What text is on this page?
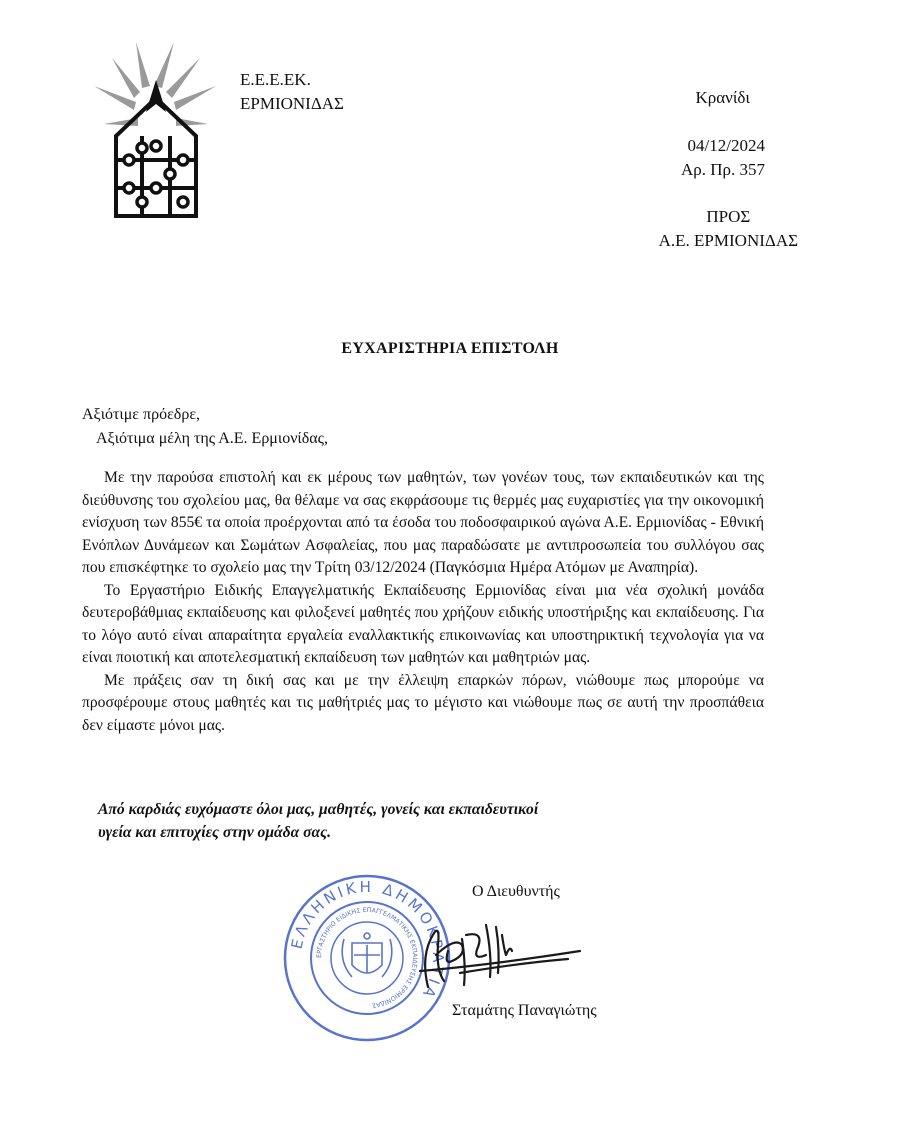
Ε.Ε.Ε.ΕΚ.
ΕΡΜΙΟΝΙΔΑΣ	Κρανίδι
04/12/2024
Αρ. Πρ. 357
ΠΡΟΣ
Α.Ε. ΕΡΜΙΟΝΙΔΑΣ
ΕΥΧΑΡΙΣΤΗΡΙΑ ΕΠΙΣΤΟΛΗ
Αξιότιμε πρόεδρε,
Αξιότιμα μέλη της Α.Ε. Ερμιονίδας,

Με την παρούσα επιστολή και εκ μέρους των μαθητών, των γονέων τους, των εκπαιδευτικών και της διεύθυνσης του σχολείου μας, θα θέλαμε να σας εκφράσουμε τις θερμές μας ευχαριστίες για την οικονομική ενίσχυση των 855€ τα οποία προέρχονται από τα έσοδα του ποδοσφαιρικού αγώνα Α.Ε. Ερμιονίδας - Εθνική Ενόπλων Δυνάμεων και Σωμάτων Ασφαλείας, που μας παραδώσατε με αντιπροσωπεία του συλλόγου σας που επισκέφτηκε το σχολείο μας την Τρίτη 03/12/2024 (Παγκόσμια Ημέρα Ατόμων με Αναπηρία).

Το Εργαστήριο Ειδικής Επαγγελματικής Εκπαίδευσης Ερμιονίδας είναι μια νέα σχολική μονάδα δευτεροβάθμιας εκπαίδευσης και φιλοξενεί μαθητές που χρήζουν ειδικής υποστήριξης και εκπαίδευσης. Για το λόγο αυτό είναι απαραίτητα εργαλεία εναλλακτικής επικοινωνίας και υποστηρικτική τεχνολογία για να είναι ποιοτική και αποτελεσματική εκπαίδευση των μαθητών και μαθητριών μας.

Με πράξεις σαν τη δική σας και με την έλλειψη επαρκών πόρων, νιώθουμε πως μπορούμε να προσφέρουμε στους μαθητές και τις μαθήτριές μας το μέγιστο και νιώθουμε πως σε αυτή την προσπάθεια δεν είμαστε μόνοι μας.

Από καρδιάς ευχόμαστε όλοι μας, μαθητές, γονείς και εκπαιδευτικοί
υγεία και επιτυχίες στην ομάδα σας.
ΕΛΛΗΝΙΚΗ ΔΗΜΟΚΡΑΤΙΑ
ΕΡΓΑΣΤΗΡΙΟ ΕΙΔΙΚΗΣ ΕΠΑΓΓΕΛΜΑΤΙΚΗΣ ΕΚΠΑΙΔΕΥΣΗΣ ΕΡΜΙΟΝΙΔΑΣ
Ο Διευθυντής
Σταμάτης Παναγιώτης
